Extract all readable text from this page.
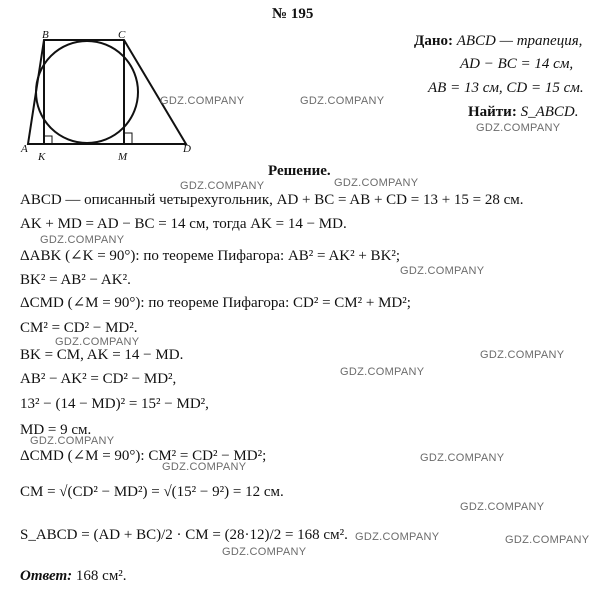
№ 195
B	C
A
K	M
D
Дано: ABCD — трапеция,
AD − BC = 14 см,
AB = 13 см, CD = 15 см.
Найти: S_ABCD.
Решение.
ABCD — описанный четырехугольник, AD + BC = AB + CD = 13 + 15 = 28 см.
AK + MD = AD − BC = 14 см, тогда AK = 14 − MD.
ΔABK (∠K = 90°): по теореме Пифагора: AB² = AK² + BK²;
BK² = AB² − AK².
ΔCMD (∠M = 90°): по теореме Пифагора: CD² = CM² + MD²;
CM² = CD² − MD².
BK = CM, AK = 14 − MD.
AB² − AK² = CD² − MD²,
13² − (14 − MD)² = 15² − MD²,
MD = 9 см.
ΔCMD (∠M = 90°): CM² = CD² − MD²;
CM = √(CD² − MD²) = √(15² − 9²) = 12 см.
S_ABCD = (AD + BC)/2 · CM = (28·12)/2 = 168 см².
Ответ: 168 см².
GDZ.COMPANY	GDZ.COMPANY
GDZ.COMPANY
GDZ.COMPANY	GDZ.COMPANY
GDZ.COMPANY
GDZ.COMPANY
GDZ.COMPANY
GDZ.COMPANY
GDZ.COMPANY
GDZ.COMPANY
GDZ.COMPANY
GDZ.COMPANY
GDZ.COMPANY
GDZ.COMPANY	GDZ.COMPANY
GDZ.COMPANY
